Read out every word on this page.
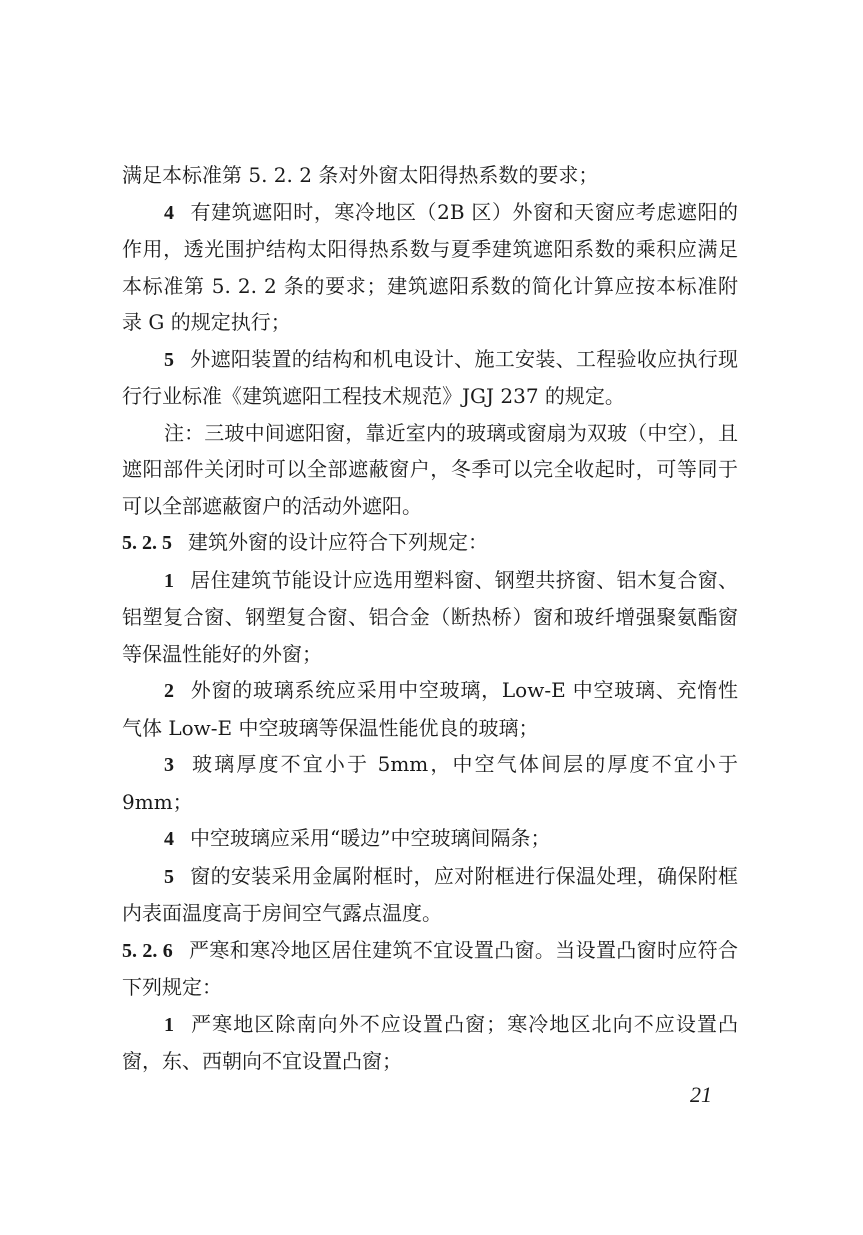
满足本标准第 5. 2. 2 条对外窗太阳得热系数的要求；

4 有建筑遮阳时，寒冷地区（2B 区）外窗和天窗应考虑遮阳的作用，透光围护结构太阳得热系数与夏季建筑遮阳系数的乘积应满足本标准第 5. 2. 2 条的要求；建筑遮阳系数的简化计算应按本标准附录 G 的规定执行；

5 外遮阳装置的结构和机电设计、施工安装、工程验收应执行现行行业标准《建筑遮阳工程技术规范》JGJ 237 的规定。

注：三玻中间遮阳窗，靠近室内的玻璃或窗扇为双玻（中空），且遮阳部件关闭时可以全部遮蔽窗户，冬季可以完全收起时，可等同于可以全部遮蔽窗户的活动外遮阳。

5. 2. 5 建筑外窗的设计应符合下列规定：

1 居住建筑节能设计应选用塑料窗、钢塑共挤窗、铝木复合窗、铝塑复合窗、钢塑复合窗、铝合金（断热桥）窗和玻纤增强聚氨酯窗等保温性能好的外窗；

2 外窗的玻璃系统应采用中空玻璃，Low-E 中空玻璃、充惰性气体 Low-E 中空玻璃等保温性能优良的玻璃；

3 玻璃厚度不宜小于 5mm，中空气体间层的厚度不宜小于 9mm；

4 中空玻璃应采用“暖边”中空玻璃间隔条；

5 窗的安装采用金属附框时，应对附框进行保温处理，确保附框内表面温度高于房间空气露点温度。

5. 2. 6 严寒和寒冷地区居住建筑不宜设置凸窗。当设置凸窗时应符合下列规定：

1 严寒地区除南向外不应设置凸窗；寒冷地区北向不应设置凸窗，东、西朝向不宜设置凸窗；

21
